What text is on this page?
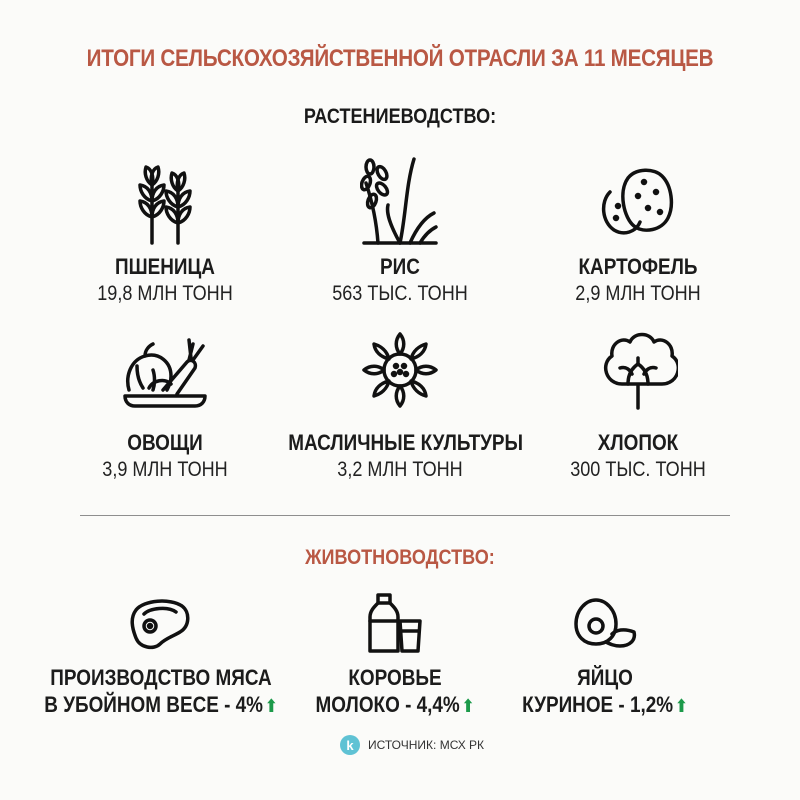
ИТОГИ СЕЛЬСКОХОЗЯЙСТВЕННОЙ ОТРАСЛИ ЗА 11 МЕСЯЦЕВ
РАСТЕНИЕВОДСТВО:
ПШЕНИЦА
19,8 МЛН ТОНН
РИС
563 ТЫС. ТОНН
КАРТОФЕЛЬ
2,9 МЛН ТОНН
ОВОЩИ
3,9 МЛН ТОНН
МАСЛИЧНЫЕ КУЛЬТУРЫ
3,2 МЛН ТОНН
ХЛОПОК
300 ТЫС. ТОНН
ЖИВОТНОВОДСТВО:
ПРОИЗВОДСТВО МЯСА
В УБОЙНОМ ВЕСЕ - 4%⬆
КОРОВЬЕ
МОЛОКО - 4,4%⬆
ЯЙЦО
КУРИНОЕ - 1,2%⬆
k	ИСТОЧНИК: МСХ РК
